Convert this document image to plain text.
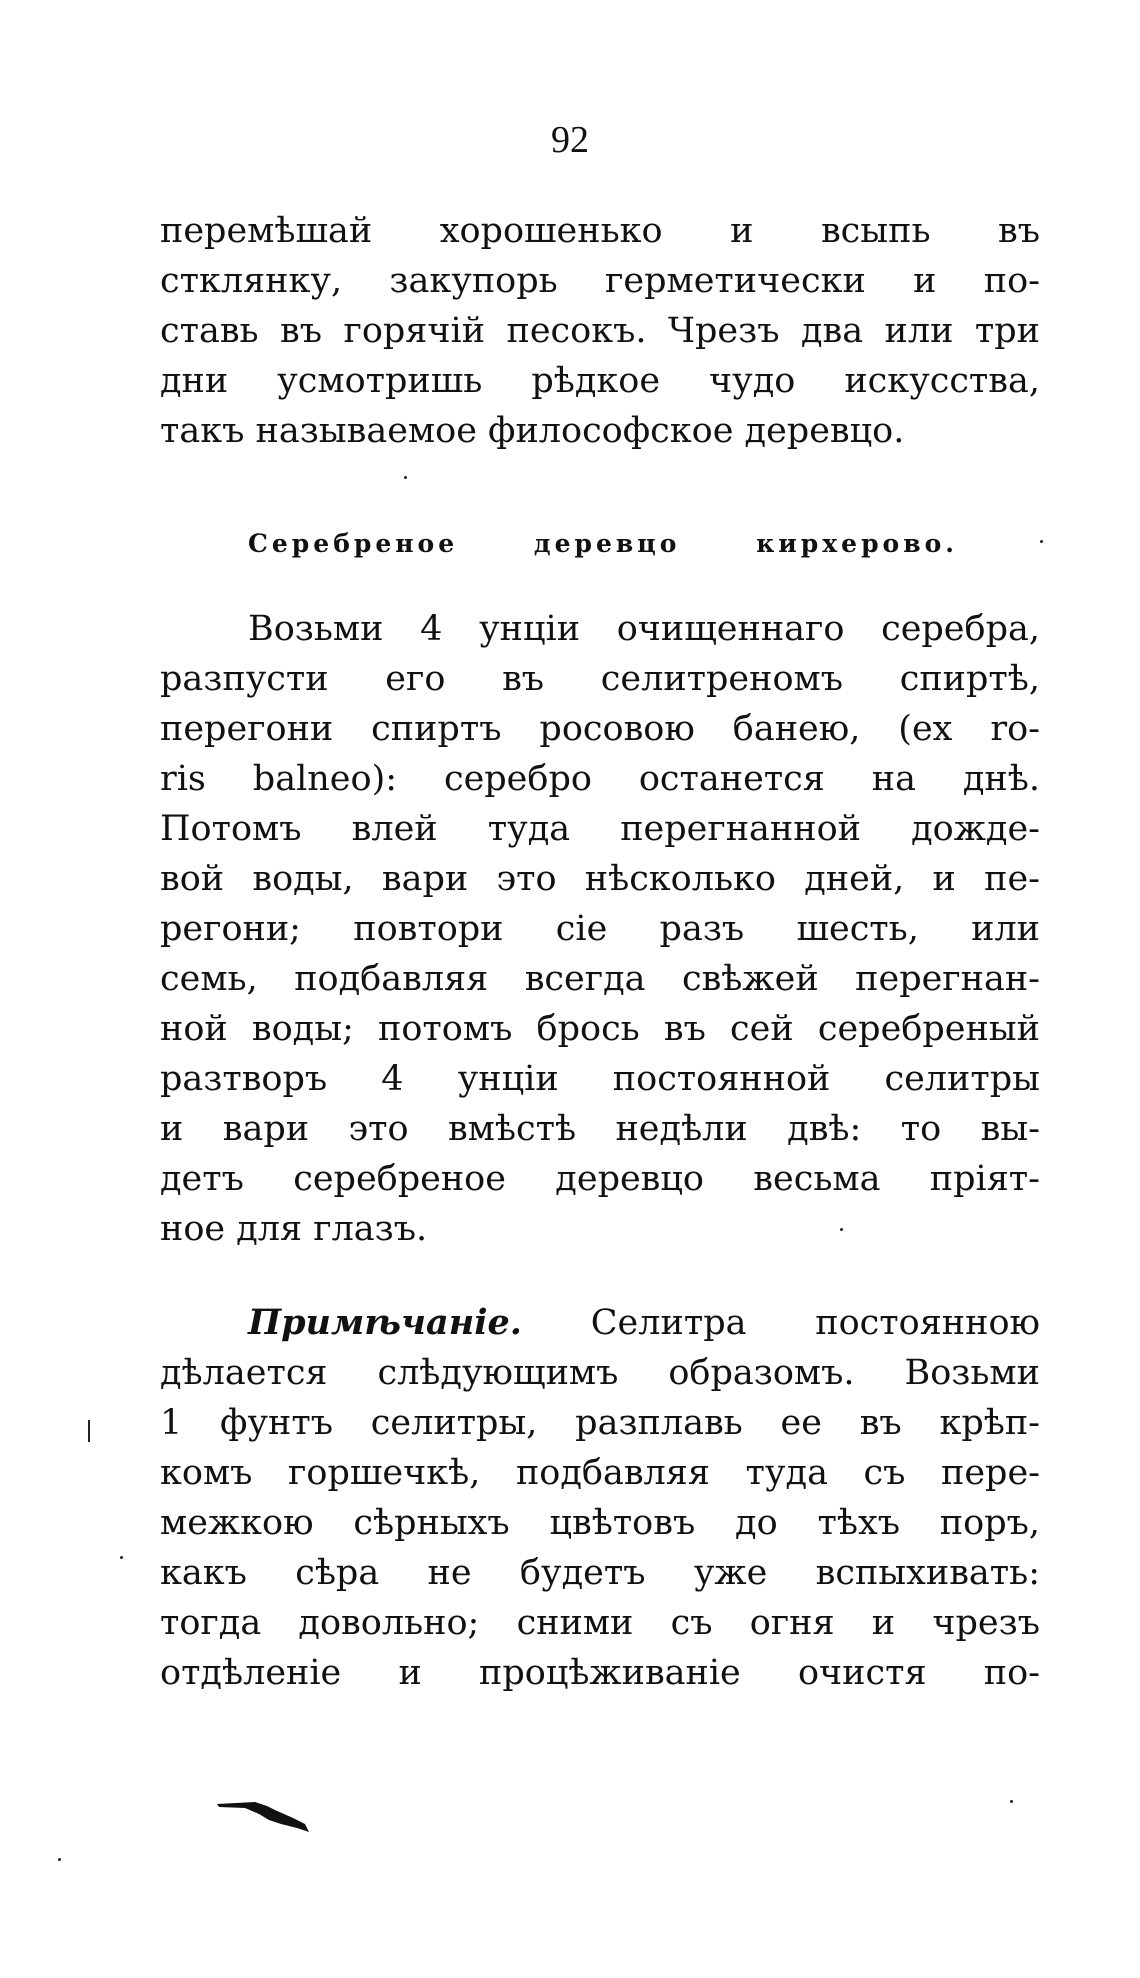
92
перемѣшай хорошенько и всыпь въ
стклянку, закупорь герметически и по-
ставь въ горячій песокъ. Чрезъ два или три
дни усмотришь рѣдкое чудо искусства,
такъ называемое философское деревцо.
Серебреное деревцо кирхерово.
Возьми 4 унціи очищеннаго серебра,
разпусти его въ селитреномъ спиртѣ,
перегони спиртъ росовою банею, (ex ro-
ris balneo): серебро останется на днѣ.
Потомъ влей туда перегнанной дожде-
вой воды, вари это нѣсколько дней, и пе-
регони; повтори сіе разъ шесть, или
семь, подбавляя всегда свѣжей перегнан-
ной воды; потомъ брось въ сей серебреный
разтворъ 4 унціи постоянной селитры
и вари это вмѣстѣ недѣли двѣ: то вы-
детъ серебреное деревцо весьма пріят-
ное для глазъ.
Примѣчаніе. Селитра постоянною
дѣлается слѣдующимъ образомъ. Возьми
1 фунтъ селитры, разплавь ее въ крѣп-
комъ горшечкѣ, подбавляя туда съ пере-
межкою сѣрныхъ цвѣтовъ до тѣхъ поръ,
какъ сѣра не будетъ уже вспыхивать:
тогда довольно; сними съ огня и чрезъ
отдѣленіе и процѣживаніе очистя по-
